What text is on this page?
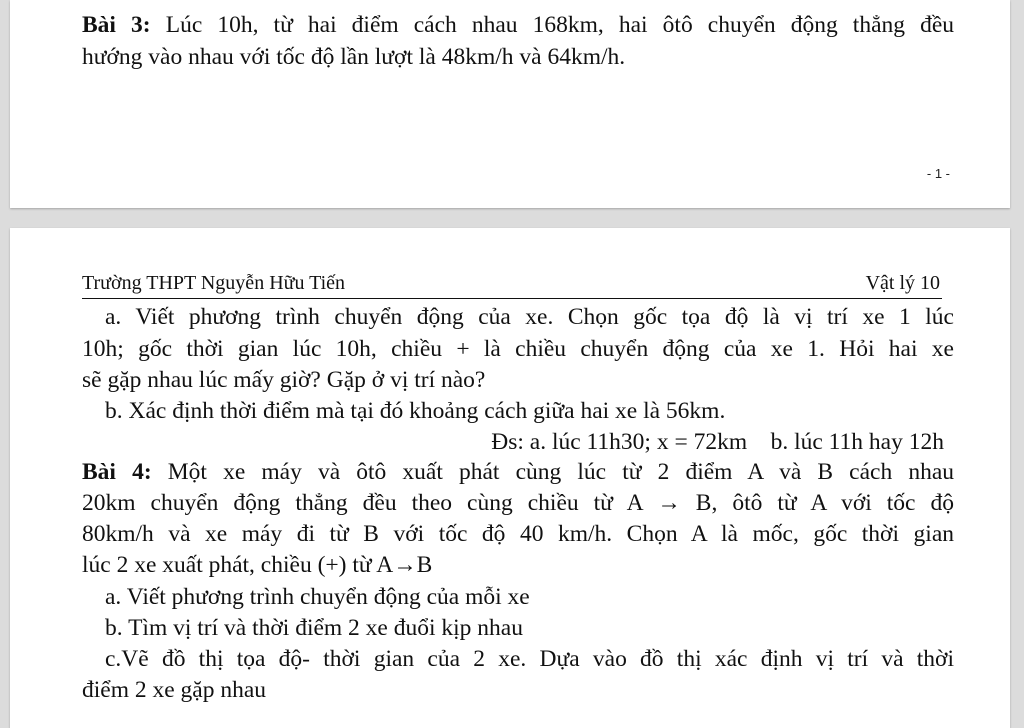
Bài 3: Lúc 10h, từ hai điểm cách nhau 168km, hai ôtô chuyển động thẳng đều
hướng vào nhau với tốc độ lần lượt là 48km/h và 64km/h.
- 1 -
Trường THPT Nguyễn Hữu Tiến	Vật lý 10
a. Viết phương trình chuyển động của xe. Chọn gốc tọa độ là vị trí xe 1 lúc
10h; gốc thời gian lúc 10h, chiều + là chiều chuyển động của xe 1. Hỏi hai xe
sẽ gặp nhau lúc mấy giờ? Gặp ở vị trí nào?
b. Xác định thời điểm mà tại đó khoảng cách giữa hai xe là 56km.
Đs: a. lúc 11h30; x = 72km    b. lúc 11h hay 12h
Bài 4: Một xe máy và ôtô xuất phát cùng lúc từ 2 điểm A và B cách nhau
20km chuyển động thẳng đều theo cùng chiều từ A → B, ôtô từ A với tốc độ
80km/h và xe máy đi từ B với tốc độ 40 km/h. Chọn A là mốc, gốc thời gian
lúc 2 xe xuất phát, chiều (+) từ A→B
a. Viết phương trình chuyển động của mỗi xe
b. Tìm vị trí và thời điểm 2 xe đuổi kịp nhau
c.Vẽ đồ thị tọa độ- thời gian của 2 xe. Dựa vào đồ thị xác định vị trí và thời
điểm 2 xe gặp nhau
